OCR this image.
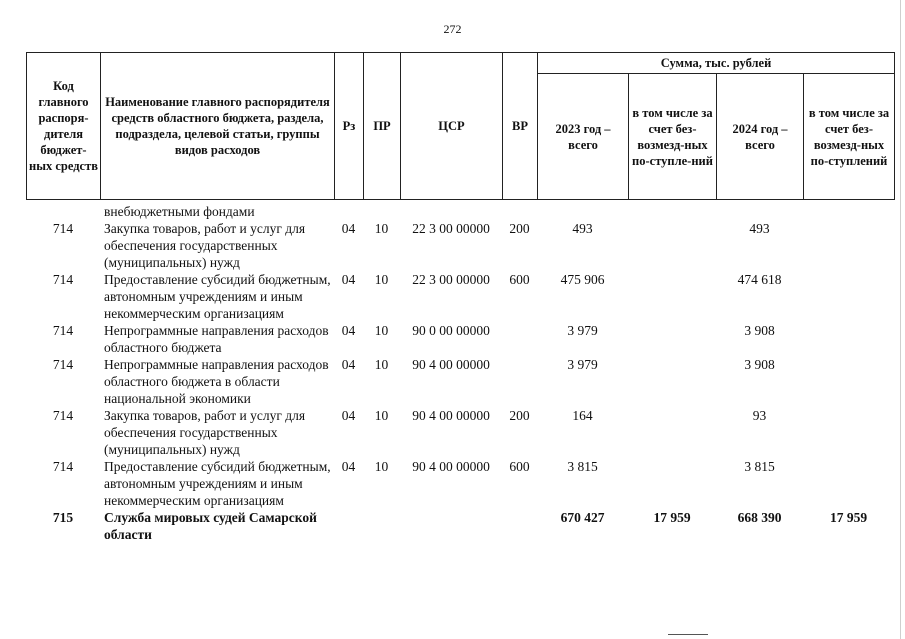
272
Код главного распоря-дителя бюджет-ных средств	Наименование главного распорядителя средств областного бюджета, раздела, подраздела, целевой статьи, группы видов расходов	Рз	ПР	ЦСР	ВР	Сумма, тыс. рублей			
						2023 год – всего	в том числе за счет без-возмезд-ных по-ступле-ний	2024 год – всего	в том числе за счет без-возмезд-ных по-ступлений
	внебюджетными фондами								
714	Закупка товаров, работ и услуг для обеспечения государственных (муниципальных) нужд	04	10	22 3 00 00000	200	493		493	
714	Предоставление субсидий бюджетным, автономным учреждениям и иным некоммерческим организациям	04	10	22 3 00 00000	600	475 906		474 618	
714	Непрограммные направления расходов областного бюджета	04	10	90 0 00 00000		3 979		3 908	
714	Непрограммные направления расходов областного бюджета в области национальной экономики	04	10	90 4 00 00000		3 979		3 908	
714	Закупка товаров, работ и услуг для обеспечения государственных (муниципальных) нужд	04	10	90 4 00 00000	200	164		93	
714	Предоставление субсидий бюджетным, автономным учреждениям и иным некоммерческим организациям	04	10	90 4 00 00000	600	3 815		3 815	
715	Служба мировых судей Самарской области					670 427	17 959	668 390	17 959
